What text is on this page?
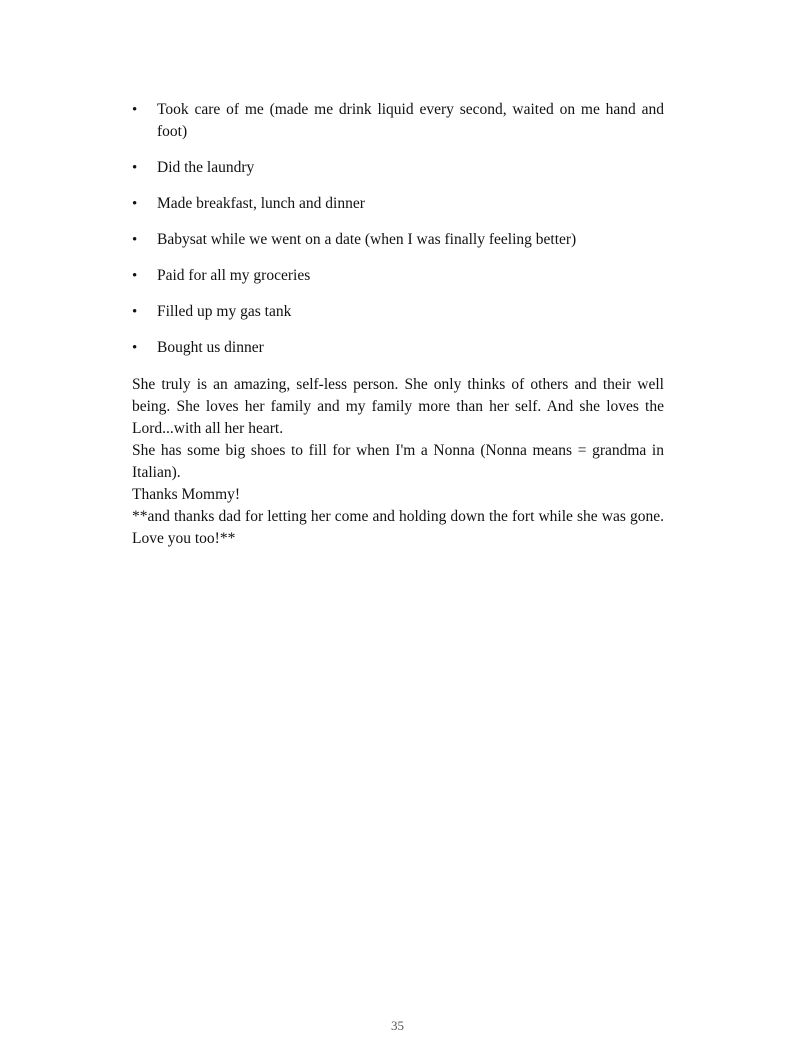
•	Took care of me (made me drink liquid every second, waited on me hand and foot)
•	Did the laundry
•	Made breakfast, lunch and dinner
•	Babysat while we went on a date (when I was finally feeling better)
•	Paid for all my groceries
•	Filled up my gas tank
•	Bought us dinner

She truly is an amazing, self-less person. She only thinks of others and their well being. She loves her family and my family more than her self. And she loves the Lord...with all her heart.

She has some big shoes to fill for when I'm a Nonna (Nonna means = grandma in Italian).

Thanks Mommy!

**and thanks dad for letting her come and holding down the fort while she was gone. Love you too!**

35
